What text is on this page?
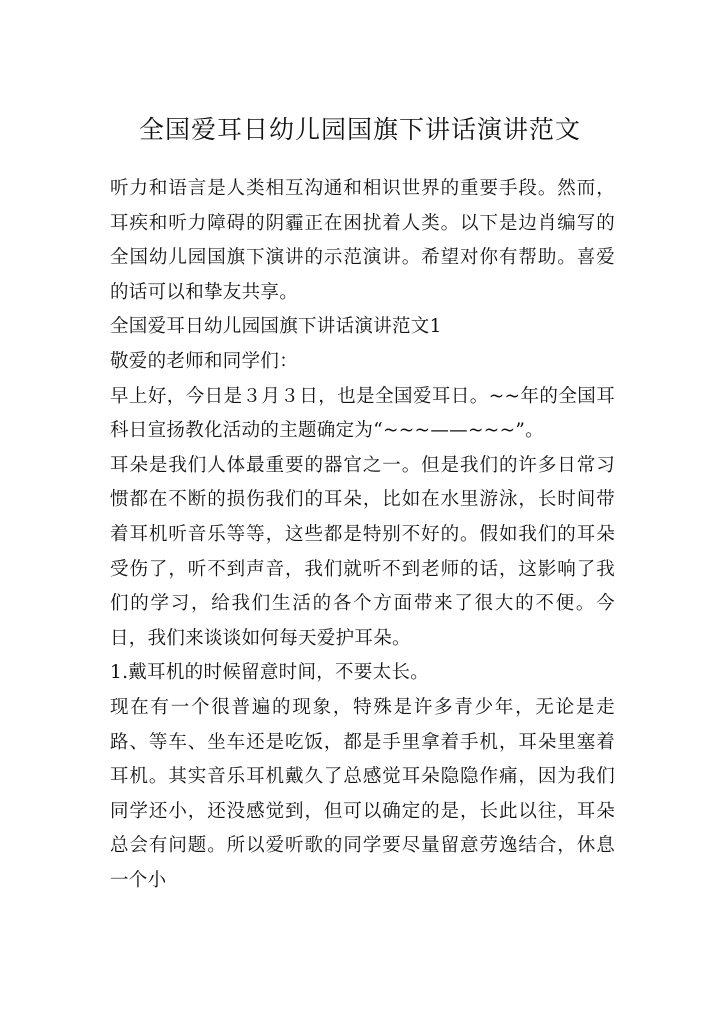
全国爱耳日幼儿园国旗下讲话演讲范文

听力和语言是人类相互沟通和相识世界的重要手段。然而，耳疾和听力障碍的阴霾正在困扰着人类。以下是边肖编写的全国幼儿园国旗下演讲的示范演讲。希望对你有帮助。喜爱的话可以和挚友共享。

全国爱耳日幼儿园国旗下讲话演讲范文1

敬爱的老师和同学们：

早上好，今日是３月３日，也是全国爱耳日。~~年的全国耳科日宣扬教化活动的主题确定为“~~~——~~~”。

耳朵是我们人体最重要的器官之一。但是我们的许多日常习惯都在不断的损伤我们的耳朵，比如在水里游泳，长时间带着耳机听音乐等等，这些都是特别不好的。假如我们的耳朵受伤了，听不到声音，我们就听不到老师的话，这影响了我们的学习，给我们生活的各个方面带来了很大的不便。今日，我们来谈谈如何每天爱护耳朵。

1.戴耳机的时候留意时间，不要太长。

现在有一个很普遍的现象，特殊是许多青少年，无论是走路、等车、坐车还是吃饭，都是手里拿着手机，耳朵里塞着耳机。其实音乐耳机戴久了总感觉耳朵隐隐作痛，因为我们同学还小，还没感觉到，但可以确定的是，长此以往，耳朵总会有问题。所以爱听歌的同学要尽量留意劳逸结合，休息一个小
